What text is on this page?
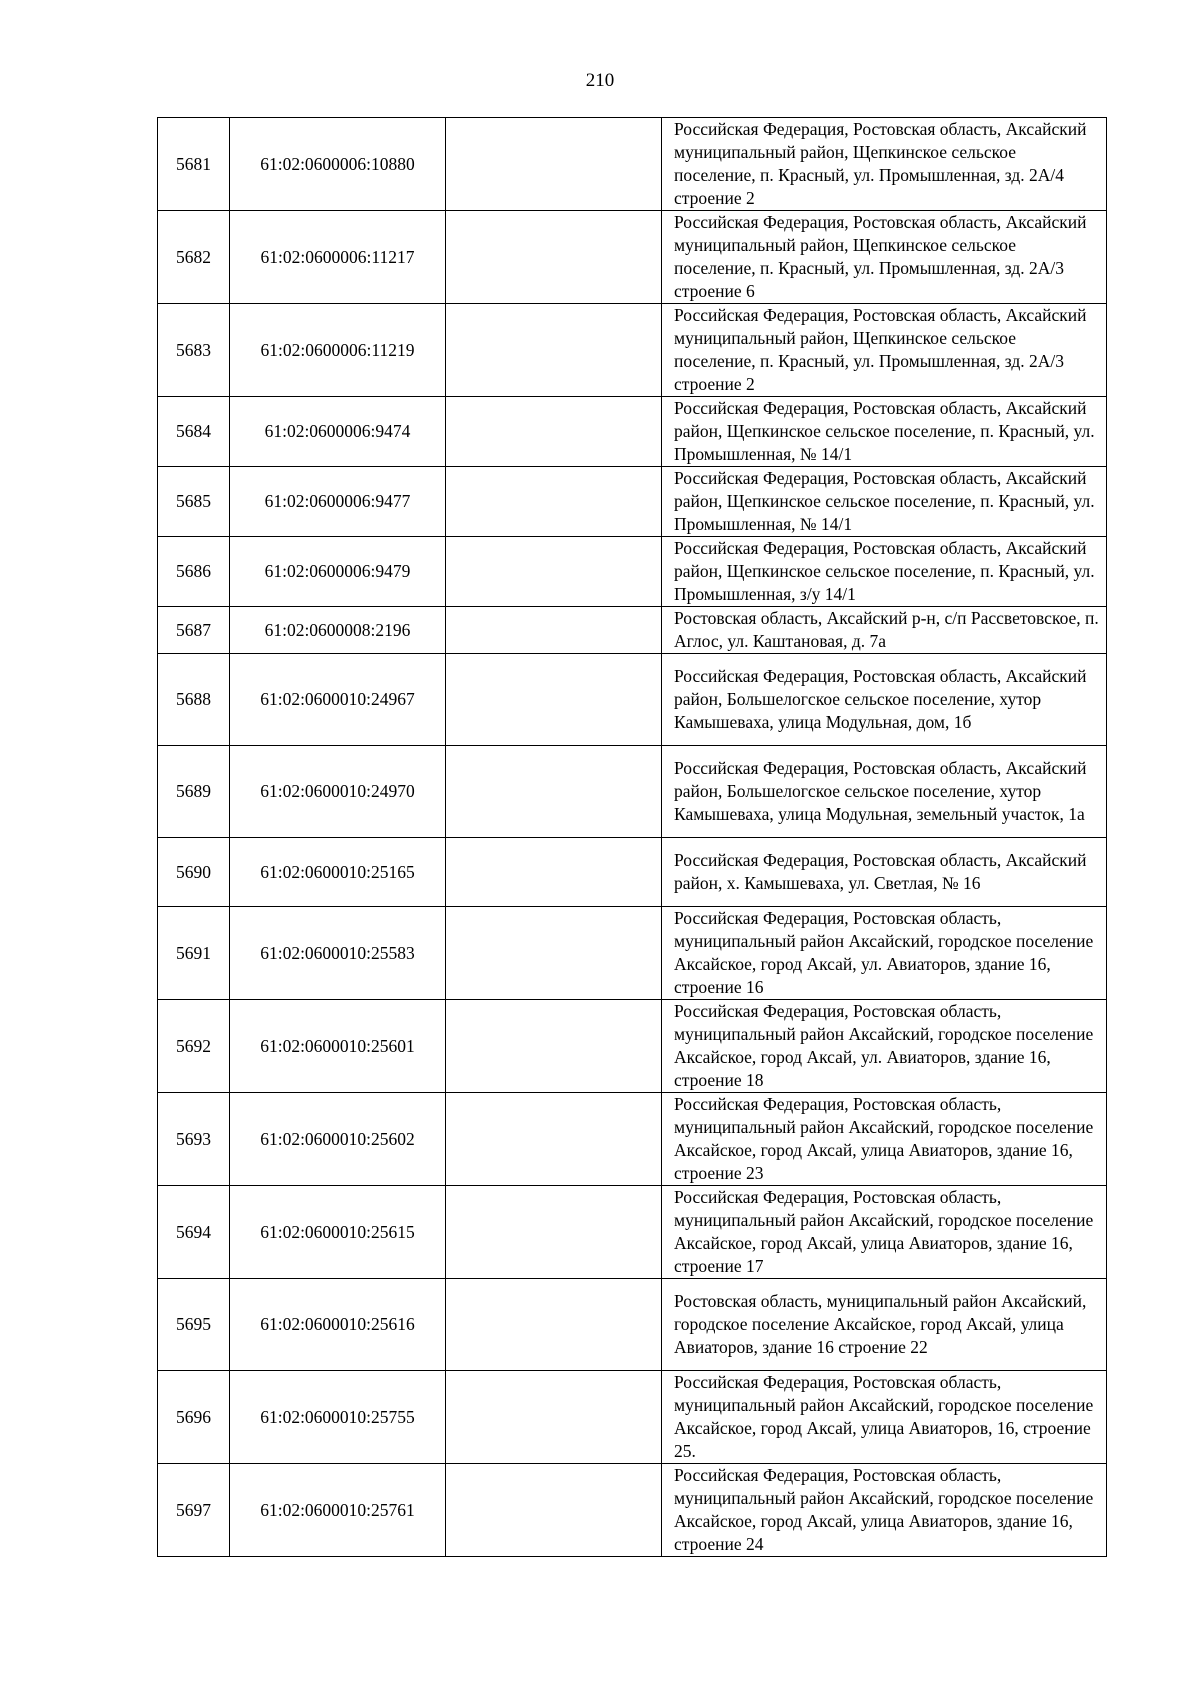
210
5681	61:02:0600006:10880		Российская Федерация, Ростовская область, Аксайский муниципальный район, Щепкинское сельское поселение, п. Красный, ул. Промышленная, зд. 2А/4 строение 2
5682	61:02:0600006:11217		Российская Федерация, Ростовская область, Аксайский муниципальный район, Щепкинское сельское поселение, п. Красный, ул. Промышленная, зд. 2А/3 строение 6
5683	61:02:0600006:11219		Российская Федерация, Ростовская область, Аксайский муниципальный район, Щепкинское сельское поселение, п. Красный, ул. Промышленная, зд. 2А/3 строение 2
5684	61:02:0600006:9474		Российская Федерация, Ростовская область, Аксайский район, Щепкинское сельское поселение, п. Красный, ул. Промышленная, № 14/1
5685	61:02:0600006:9477		Российская Федерация, Ростовская область, Аксайский район, Щепкинское сельское поселение, п. Красный, ул. Промышленная, № 14/1
5686	61:02:0600006:9479		Российская Федерация, Ростовская область, Аксайский район, Щепкинское сельское поселение, п. Красный, ул. Промышленная, з/у 14/1
5687	61:02:0600008:2196		Ростовская область, Аксайский р-н, с/п Рассветовское, п. Аглос, ул. Каштановая, д. 7а
5688	61:02:0600010:24967		Российская Федерация, Ростовская область, Аксайский район, Большелогское сельское поселение, хутор Камышеваха, улица Модульная, дом, 1б
5689	61:02:0600010:24970		Российская Федерация, Ростовская область, Аксайский район, Большелогское сельское поселение, хутор Камышеваха, улица Модульная, земельный участок, 1а
5690	61:02:0600010:25165		Российская Федерация, Ростовская область, Аксайский район, х. Камышеваха, ул. Светлая, № 16
5691	61:02:0600010:25583		Российская Федерация, Ростовская область, муниципальный район Аксайский, городское поселение Аксайское, город Аксай, ул. Авиаторов, здание 16, строение 16
5692	61:02:0600010:25601		Российская Федерация, Ростовская область, муниципальный район Аксайский, городское поселение Аксайское, город Аксай, ул. Авиаторов, здание 16, строение 18
5693	61:02:0600010:25602		Российская Федерация, Ростовская область, муниципальный район Аксайский, городское поселение Аксайское, город Аксай, улица Авиаторов, здание 16, строение 23
5694	61:02:0600010:25615		Российская Федерация, Ростовская область, муниципальный район Аксайский, городское поселение Аксайское, город Аксай, улица Авиаторов, здание 16, строение 17
5695	61:02:0600010:25616		Ростовская область, муниципальный район Аксайский, городское поселение Аксайское, город Аксай, улица Авиаторов, здание 16 строение 22
5696	61:02:0600010:25755		Российская Федерация, Ростовская область, муниципальный район Аксайский, городское поселение Аксайское, город Аксай, улица Авиаторов, 16, строение 25.
5697	61:02:0600010:25761		Российская Федерация, Ростовская область, муниципальный район Аксайский, городское поселение Аксайское, город Аксай, улица Авиаторов, здание 16, строение 24
